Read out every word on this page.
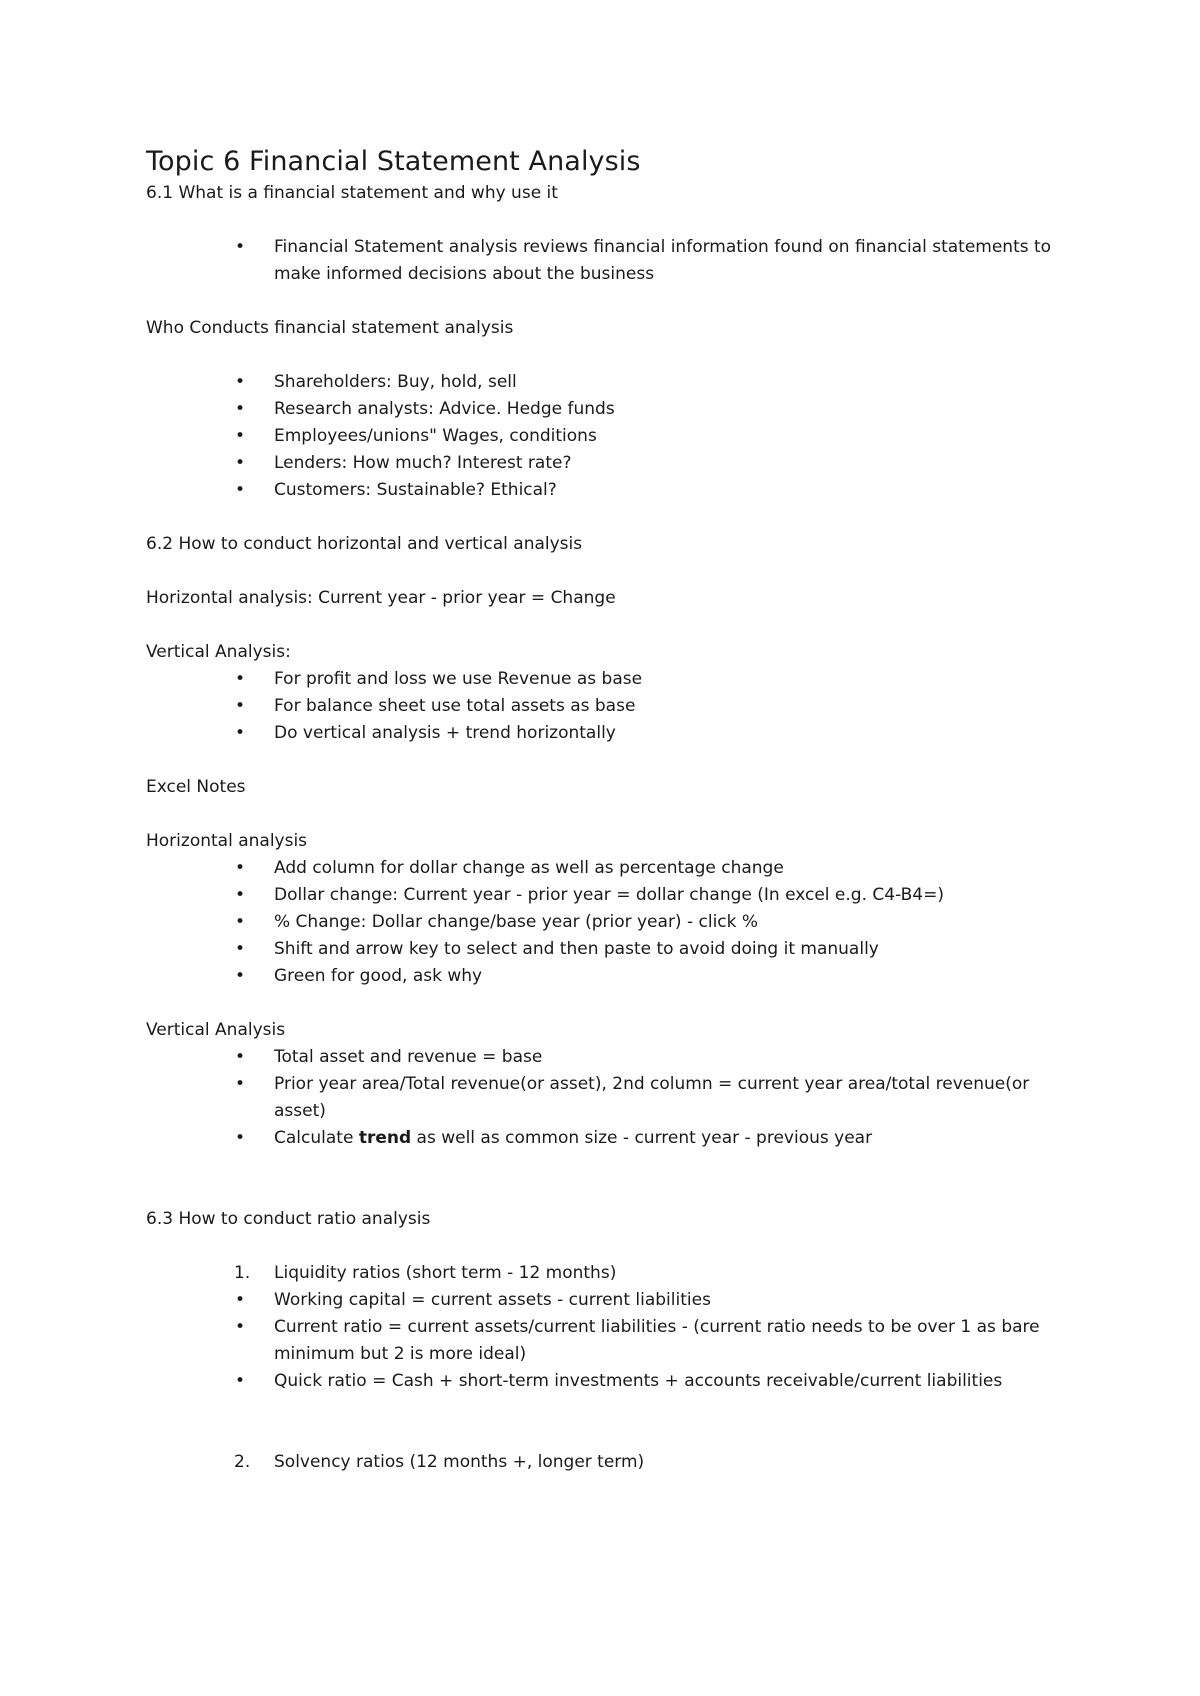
Topic 6 Financial Statement Analysis

6.1 What is a financial statement and why use it

• Financial Statement analysis reviews financial information found on financial statements to make informed decisions about the business

Who Conducts financial statement analysis

• Shareholders: Buy, hold, sell
• Research analysts: Advice. Hedge funds
• Employees/unions" Wages, conditions
• Lenders: How much? Interest rate?
• Customers: Sustainable? Ethical?

6.2 How to conduct horizontal and vertical analysis

Horizontal analysis: Current year - prior year = Change

Vertical Analysis:

• For profit and loss we use Revenue as base
• For balance sheet use total assets as base
• Do vertical analysis + trend horizontally

Excel Notes

Horizontal analysis

• Add column for dollar change as well as percentage change
• Dollar change: Current year - prior year = dollar change (In excel e.g. C4-B4=)
• % Change: Dollar change/base year (prior year) - click %
• Shift and arrow key to select and then paste to avoid doing it manually
• Green for good, ask why

Vertical Analysis

• Total asset and revenue = base
• Prior year area/Total revenue(or asset), 2nd column = current year area/total revenue(or asset)
• Calculate trend as well as common size - current year - previous year

6.3 How to conduct ratio analysis

1. Liquidity ratios (short term - 12 months)
• Working capital = current assets - current liabilities
• Current ratio = current assets/current liabilities - (current ratio needs to be over 1 as bare minimum but 2 is more ideal)
• Quick ratio = Cash + short-term investments + accounts receivable/current liabilities
2. Solvency ratios (12 months +, longer term)
